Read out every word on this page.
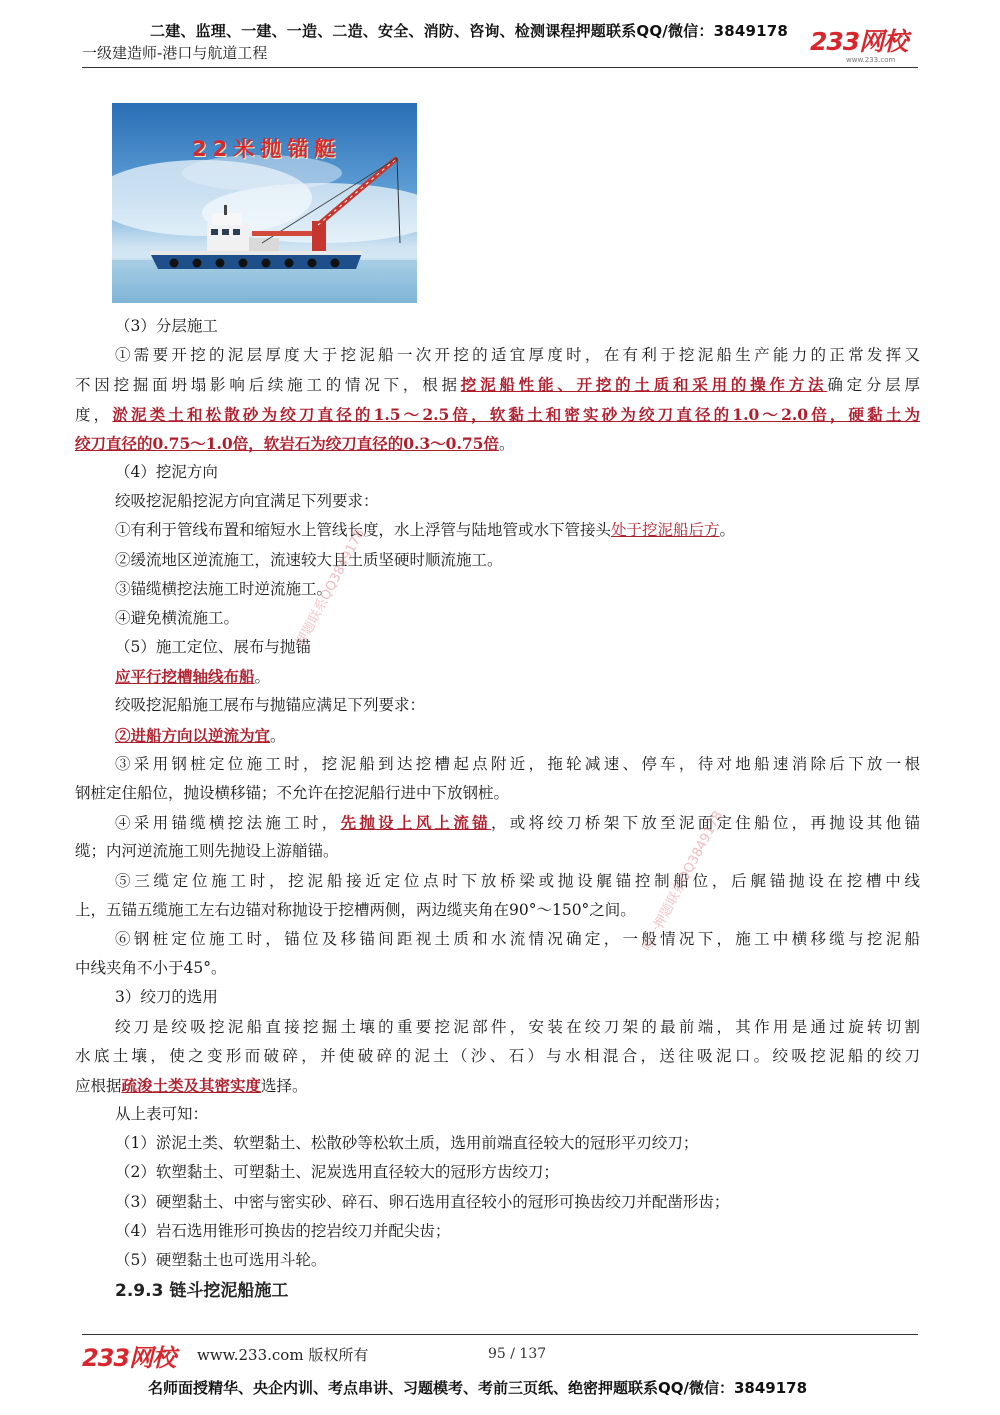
二建、监理、一建、一造、二造、安全、消防、咨询、检测课程押题联系QQ/微信：3849178
一级建造师-港口与航道工程	233网校
www.233.com
22米抛锚艇
（3）分层施工
①需要开挖的泥层厚度大于挖泥船一次开挖的适宜厚度时，在有利于挖泥船生产能力的正常发挥又
不因挖掘面坍塌影响后续施工的情况下，根据挖泥船性能、开挖的土质和采用的操作方法确定分层厚
度，淤泥类土和松散砂为绞刀直径的1.5～2.5倍，软黏土和密实砂为绞刀直径的1.0～2.0倍，硬黏土为
绞刀直径的0.75～1.0倍，软岩石为绞刀直径的0.3～0.75倍。
（4）挖泥方向
绞吸挖泥船挖泥方向宜满足下列要求：
①有利于管线布置和缩短水上管线长度，水上浮管与陆地管或水下管接头处于挖泥船后方。
②缓流地区逆流施工，流速较大且土质坚硬时顺流施工。
③锚缆横挖法施工时逆流施工。
④避免横流施工。
（5）施工定位、展布与抛锚
应平行挖槽轴线布船。
绞吸挖泥船施工展布与抛锚应满足下列要求：
②进船方向以逆流为宜。
③采用钢桩定位施工时，挖泥船到达挖槽起点附近，拖轮减速、停车，待对地船速消除后下放一根
钢桩定住船位，抛设横移锚；不允许在挖泥船行进中下放钢桩。
④采用锚缆横挖法施工时，先抛设上风上流锚，或将绞刀桥架下放至泥面定住船位，再抛设其他锚
缆；内河逆流施工则先抛设上游艏锚。
⑤三缆定位施工时，挖泥船接近定位点时下放桥梁或抛设艉锚控制船位，后艉锚抛设在挖槽中线
上，五锚五缆施工左右边锚对称抛设于挖槽两侧，两边缆夹角在90°～150°之间。
⑥钢桩定位施工时，锚位及移锚间距视土质和水流情况确定，一般情况下，施工中横移缆与挖泥船
中线夹角不小于45°。
3）绞刀的选用
绞刀是绞吸挖泥船直接挖掘土壤的重要挖泥部件，安装在绞刀架的最前端，其作用是通过旋转切割
水底土壤，使之变形而破碎，并使破碎的泥土（沙、石）与水相混合，送往吸泥口。绞吸挖泥船的绞刀
应根据疏浚土类及其密实度选择。
从上表可知：
（1）淤泥土类、软塑黏土、松散砂等松软土质，选用前端直径较大的冠形平刃绞刀；
（2）软塑黏土、可塑黏土、泥炭选用直径较大的冠形方齿绞刀；
（3）硬塑黏土、中密与密实砂、碎石、卵石选用直径较小的冠形可换齿绞刀并配凿形齿；
（4）岩石选用锥形可换齿的挖岩绞刀并配尖齿；
（5）硬塑黏土也可选用斗轮。
2.9.3 链斗挖泥船施工
押题联系QQ3849178
唯一押题联系QQ3849178
233网校 www.233.com 版权所有	95 / 137
名师面授精华、央企内训、考点串讲、习题模考、考前三页纸、绝密押题联系QQ/微信：3849178
